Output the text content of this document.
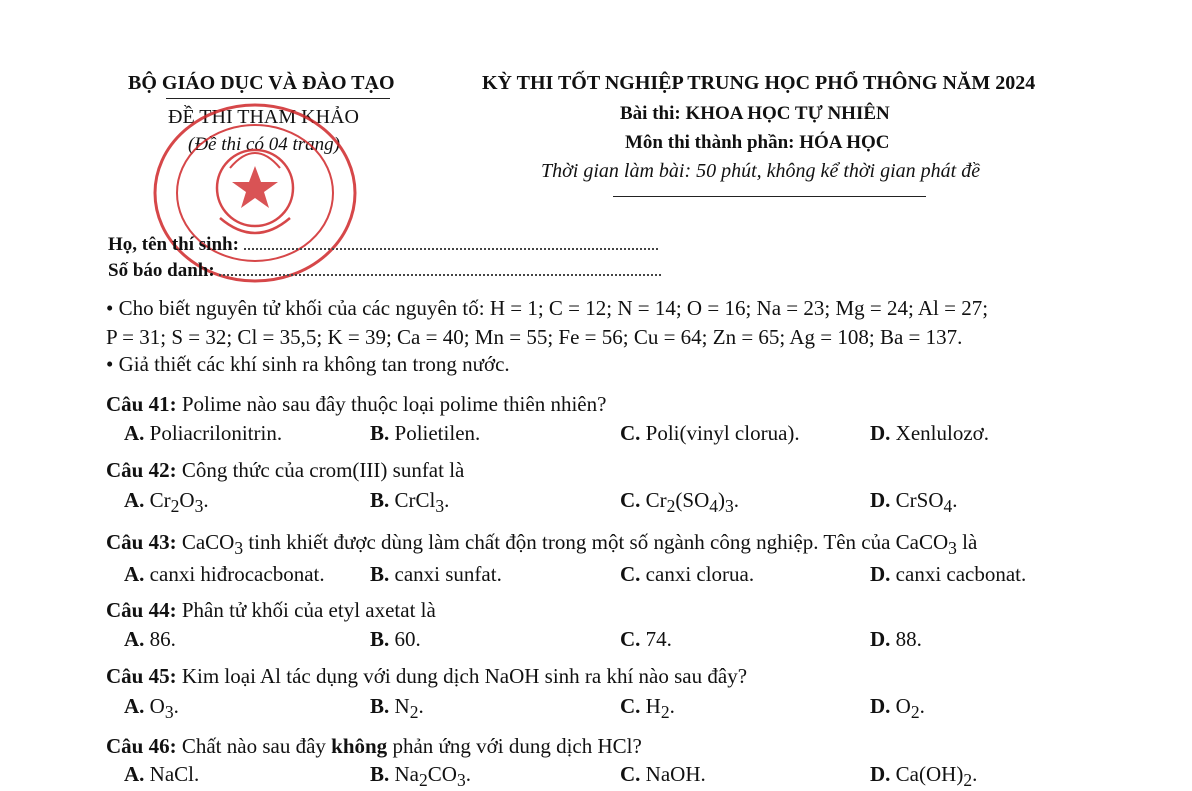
BỘ GIÁO DỤC VÀ ĐÀO TẠO
ĐỀ THI THAM KHẢO
(Đề thi có 04 trang)
KỲ THI TỐT NGHIỆP TRUNG HỌC PHỔ THÔNG NĂM 2024
Bài thi: KHOA HỌC TỰ NHIÊN
Môn thi thành phần: HÓA HỌC
Thời gian làm bài: 50 phút, không kể thời gian phát đề
Họ, tên thí sinh:
Số báo danh:
• Cho biết nguyên tử khối của các nguyên tố: H = 1; C = 12; N = 14; O = 16; Na = 23; Mg = 24; Al = 27;
P = 31; S = 32; Cl = 35,5; K = 39; Ca = 40; Mn = 55; Fe = 56; Cu = 64; Zn = 65; Ag = 108; Ba = 137.
• Giả thiết các khí sinh ra không tan trong nước.
Câu 41: Polime nào sau đây thuộc loại polime thiên nhiên?
A. Poliacrilonitrin.	B. Polietilen.	C. Poli(vinyl clorua).	D. Xenlulozơ.
Câu 42: Công thức của crom(III) sunfat là
A. $Cr_2O_3$.	B. CrCl$_3$.	C. $Cr_2(SO_4)_3$.	D. CrSO$_4$.
Câu 43: CaCO$_3$ tinh khiết được dùng làm chất độn trong một số ngành công nghiệp. Tên của CaCO$_3$ là
A. canxi hiđrocacbonat. B. canxi sunfat.	C. canxi clorua.	D. canxi cacbonat.
Câu 44: Phân tử khối của etyl axetat là
A. 86.	B. 60.	C. 74.	D. 88.
Câu 45: Kim loại Al tác dụng với dung dịch NaOH sinh ra khí nào sau đây?
A. $O_3$.	B. $N_2$.	C. $H_2$.	D. $O_2$.
Câu 46: Chất nào sau đây không phản ứng với dung dịch HCl?
A. NaCl.	B. $Na_2CO_3$.	C. NaOH.	D. $Ca(OH)_2$.
